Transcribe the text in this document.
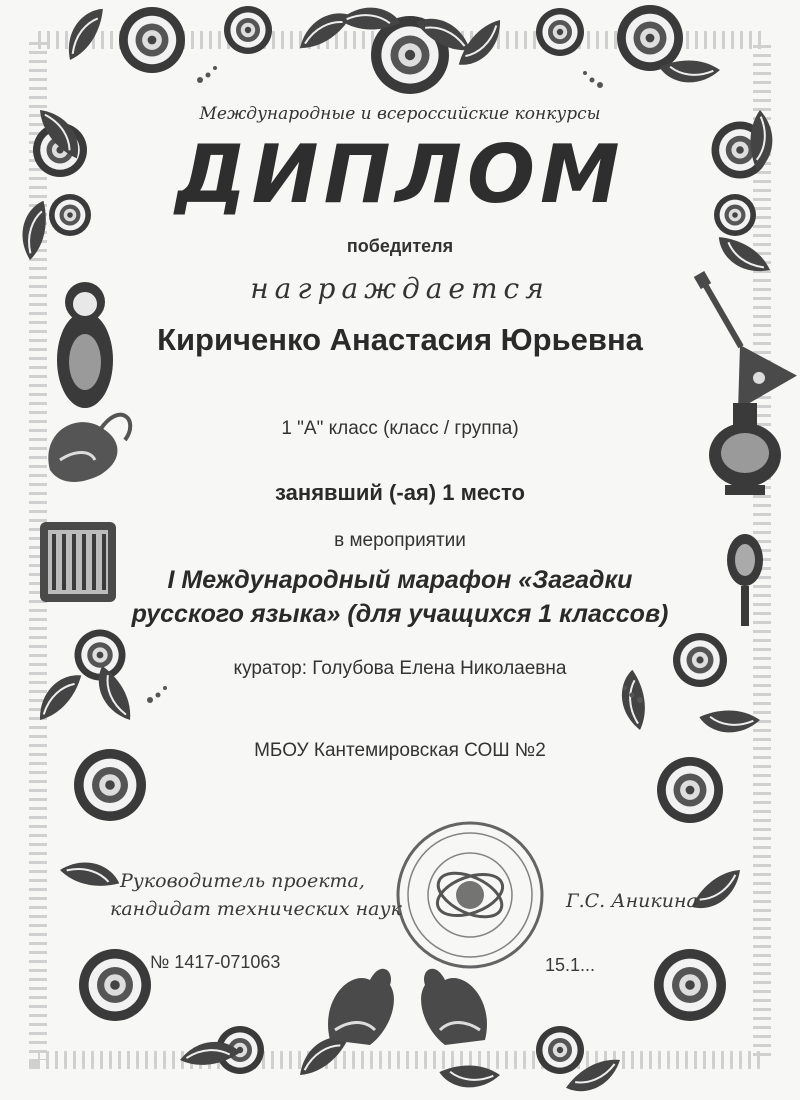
Международные и всероссийские конкурсы
ДИПЛОМ
победителя
награждается
Кириченко Анастасия Юрьевна
1 "А" класс (класс / группа)
занявший (-ая) 1 место
в мероприятии
I Международный марафон «Загадки
русского языка» (для учащихся 1 классов)
куратор: Голубова Елена Николаевна
МБОУ Кантемировская СОШ №2
Руководитель проекта,
кандидат технических наук	Г.С. Аникина
№ 1417-071063	15.1...
